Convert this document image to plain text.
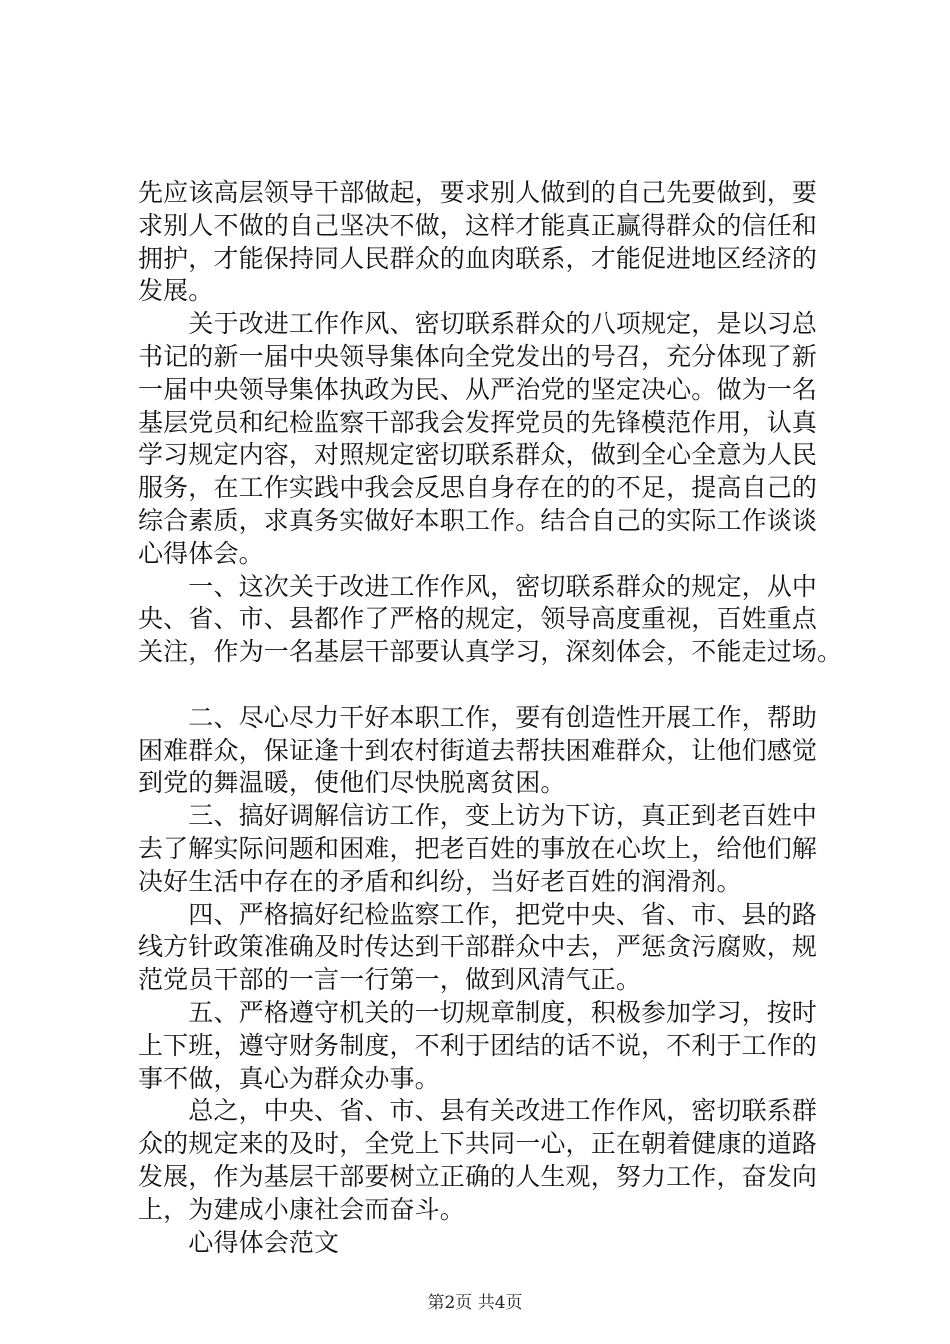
先应该高层领导干部做起，要求别人做到的自己先要做到，要

求别人不做的自己坚决不做，这样才能真正赢得群众的信任和

拥护，才能保持同人民群众的血肉联系，才能促进地区经济的

发展。

　　关于改进工作作风、密切联系群众的八项规定，是以习总

书记的新一届中央领导集体向全党发出的号召，充分体现了新

一届中央领导集体执政为民、从严治党的坚定决心。做为一名

基层党员和纪检监察干部我会发挥党员的先锋模范作用，认真

学习规定内容，对照规定密切联系群众，做到全心全意为人民

服务，在工作实践中我会反思自身存在的的不足，提高自己的

综合素质，求真务实做好本职工作。结合自己的实际工作谈谈

心得体会。

　　一、这次关于改进工作作风，密切联系群众的规定，从中

央、省、市、县都作了严格的规定，领导高度重视，百姓重点

关注，作为一名基层干部要认真学习，深刻体会，不能走过场。

　　二、尽心尽力干好本职工作，要有创造性开展工作，帮助

困难群众，保证逢十到农村街道去帮扶困难群众，让他们感觉

到党的舞温暖，使他们尽快脱离贫困。

　　三、搞好调解信访工作，变上访为下访，真正到老百姓中

去了解实际问题和困难，把老百姓的事放在心坎上，给他们解

决好生活中存在的矛盾和纠纷，当好老百姓的润滑剂。

　　四、严格搞好纪检监察工作，把党中央、省、市、县的路

线方针政策准确及时传达到干部群众中去，严惩贪污腐败，规

范党员干部的一言一行第一，做到风清气正。

　　五、严格遵守机关的一切规章制度，积极参加学习，按时

上下班，遵守财务制度，不利于团结的话不说，不利于工作的

事不做，真心为群众办事。

　　总之，中央、省、市、县有关改进工作作风，密切联系群

众的规定来的及时，全党上下共同一心，正在朝着健康的道路

发展，作为基层干部要树立正确的人生观，努力工作，奋发向

上，为建成小康社会而奋斗。

　　心得体会范文

第2页 共4页
